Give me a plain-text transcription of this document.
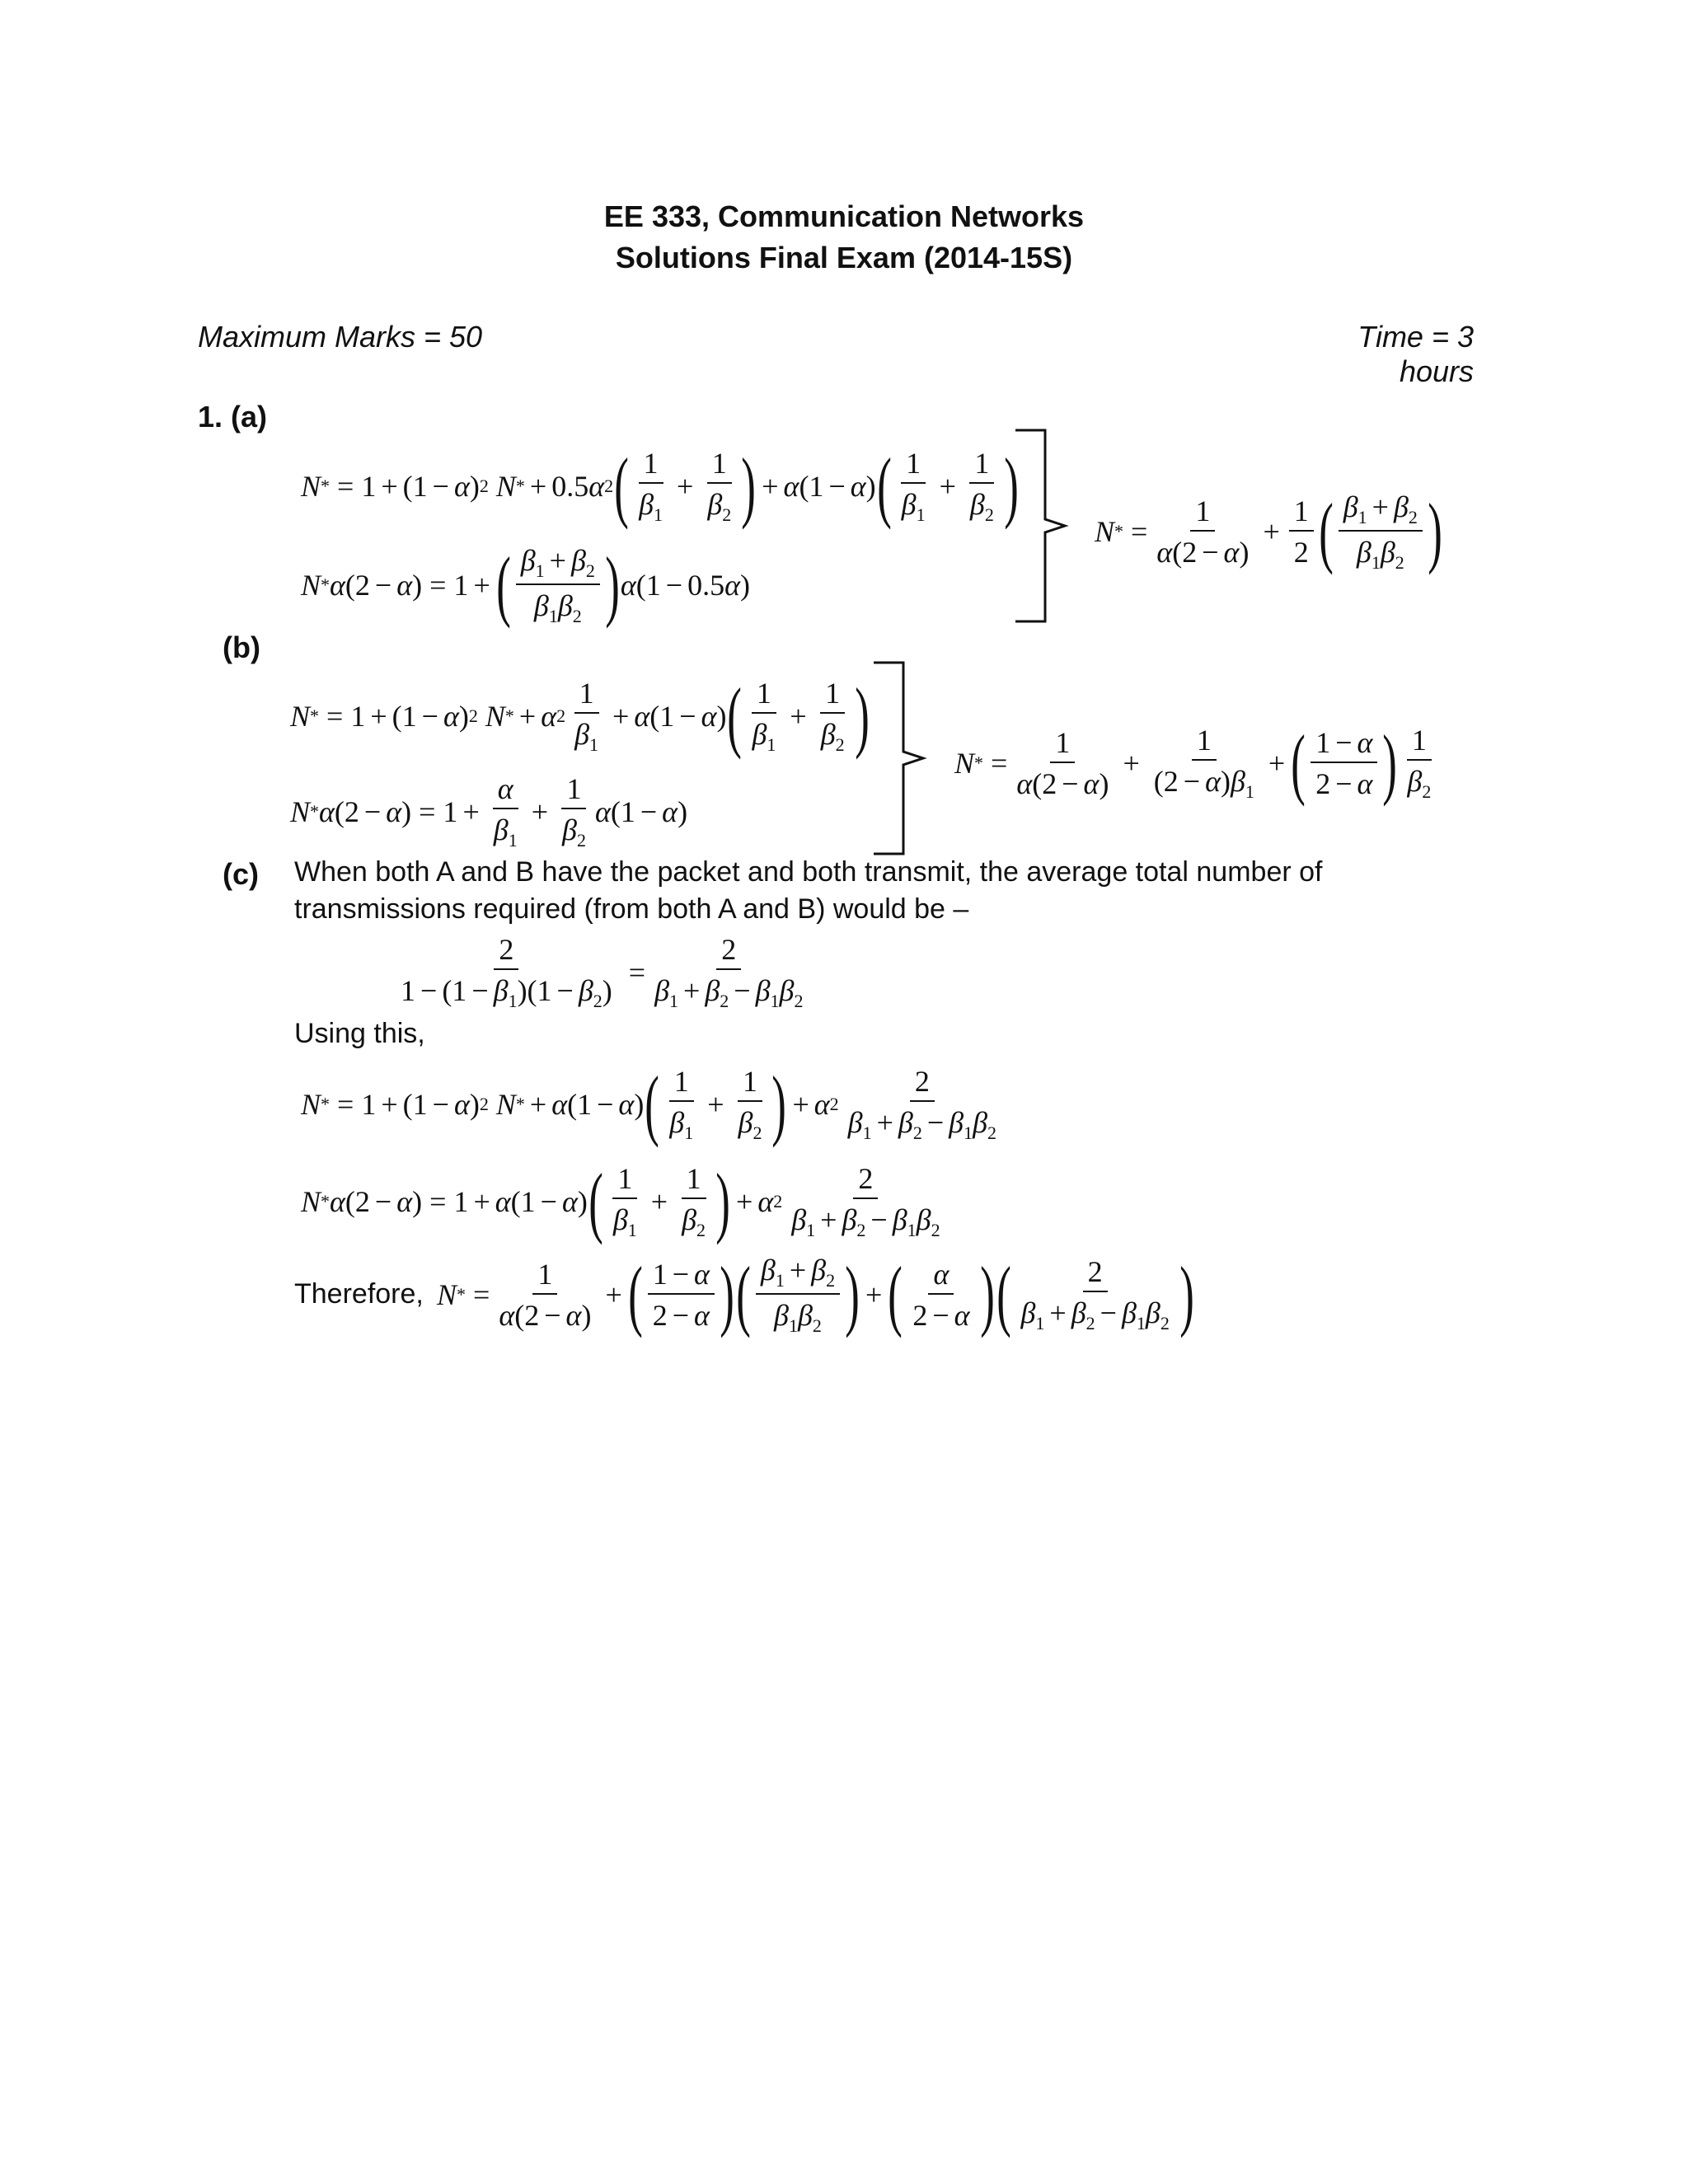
EE 333, Communication Networks
Solutions Final Exam (2014-15S)
Maximum Marks = 50	Time = 3 hours
1. (a)
N * = 1 + (1 − α ) 2
N * + 0.5 α 2 ( $\frac{1}{\beta_1} + \frac{1}{\beta_2}$ ) + α (1 − α ) ( $\frac{1}{\beta_1} + \frac{1}{\beta_2}$ )
N * α (2 − α ) = 1 + ( $\frac{\beta_1 + \beta_2}{\beta_1\beta_2}$ ) α (1 − 0.5 α )
N * = $\frac{1}{\alpha(2 - \alpha)} + \frac{1}{2}$ ( $\frac{\beta_1 + \beta_2}{\beta_1\beta_2}$ )
(b)
N * = 1 + (1 − α ) 2
N * + α $2 \frac{1}{\beta_1} + \alpha$ (1 − α ) ( $\frac{1}{\beta_1} + \frac{1}{\beta_2}$ )
N * α (2 − α ) = $1 + \frac{\alpha}{\beta_1} + \frac{1}{\beta_2}$ α (1 − α )
N * = $\frac{1}{\alpha(2 - \alpha)} + \frac{1}{(2 - \alpha)\beta_1}$ + ( $\frac{1 - \alpha}{2 - \alpha}$ ) $\frac{1}{\beta_2}$
(c) When both A and B have the packet and both transmit, the average total number of transmissions required (from both A and B) would be –
$\frac{2}{1 - (1 - \beta_1)(1 - \beta_2)} = \frac{2}{\beta_1 + \beta_2 - \beta_1\beta_2}$
Using this,
N * = 1 + (1 − α ) 2
N * + α (1 − α ) ( $\frac{1}{\beta_1} + \frac{1}{\beta_2}$ ) + α $2 \frac{2}{\beta_1 + \beta_2 - \beta_1\beta_2}$
N * α (2 − α ) = 1 + α (1 − α ) ( $\frac{1}{\beta_1} + \frac{1}{\beta_2}$ ) + α $2 \frac{2}{\beta_1 + \beta_2 - \beta_1\beta_2}$
Therefore, N * = $\frac{1}{\alpha(2 - \alpha)}$ + ( $\frac{1 - \alpha}{2 - \alpha}$ ) ( $\frac{\beta_1 + \beta_2}{\beta_1\beta_2}$ ) + ( $\frac{\alpha}{2 - \alpha}$ ) ( $\frac{2}{\beta_1 + \beta_2 - \beta_1\beta_2}$ )
